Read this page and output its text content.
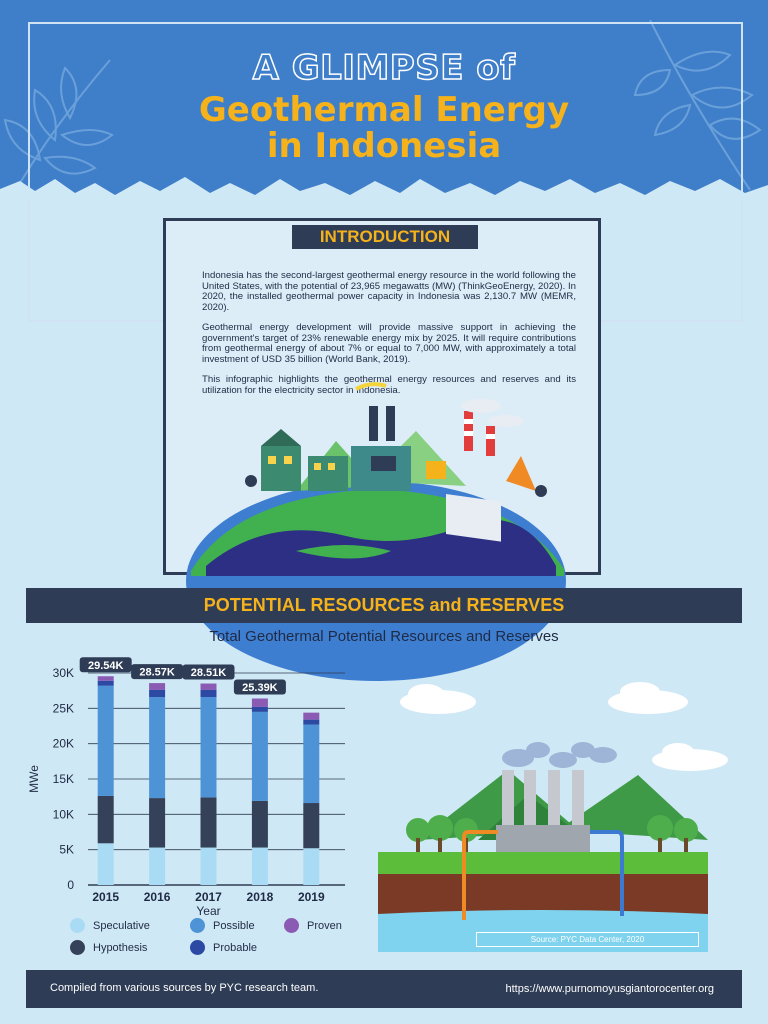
A GLIMPSE of
Geothermal Energy
in Indonesia
INTRODUCTION

Indonesia has the second-largest geothermal energy resource in the world following the United States, with the potential of 23,965 megawatts (MW) (ThinkGeoEnergy, 2020). In 2020, the installed geothermal power capacity in Indonesia was 2,130.7 MW (MEMR, 2020).

Geothermal energy development will provide massive support in achieving the government's target of 23% renewable energy mix by 2025. It will require contributions from geothermal energy of about 7% or equal to 7,000 MW, with approximately a total investment of USD 35 billion (World Bank, 2019).

This infographic highlights the geothermal energy resources and reserves and its utilization for the electricity sector in Indonesia.

POTENTIAL RESOURCES and RESERVES
Total Geothermal Potential Resources and Reserves
0
5K
10K
15K
20K
25K
30K
MWe
2015
29.54K
2016
28.57K
2017
28.51K
2018
25.39K
2019
Year
Speculative	Possible	Proven
Hypothesis	Probable
Source: PYC Data Center, 2020
Compiled from various sources by PYC research team.	https://www.purnomoyusgiantorocenter.org
